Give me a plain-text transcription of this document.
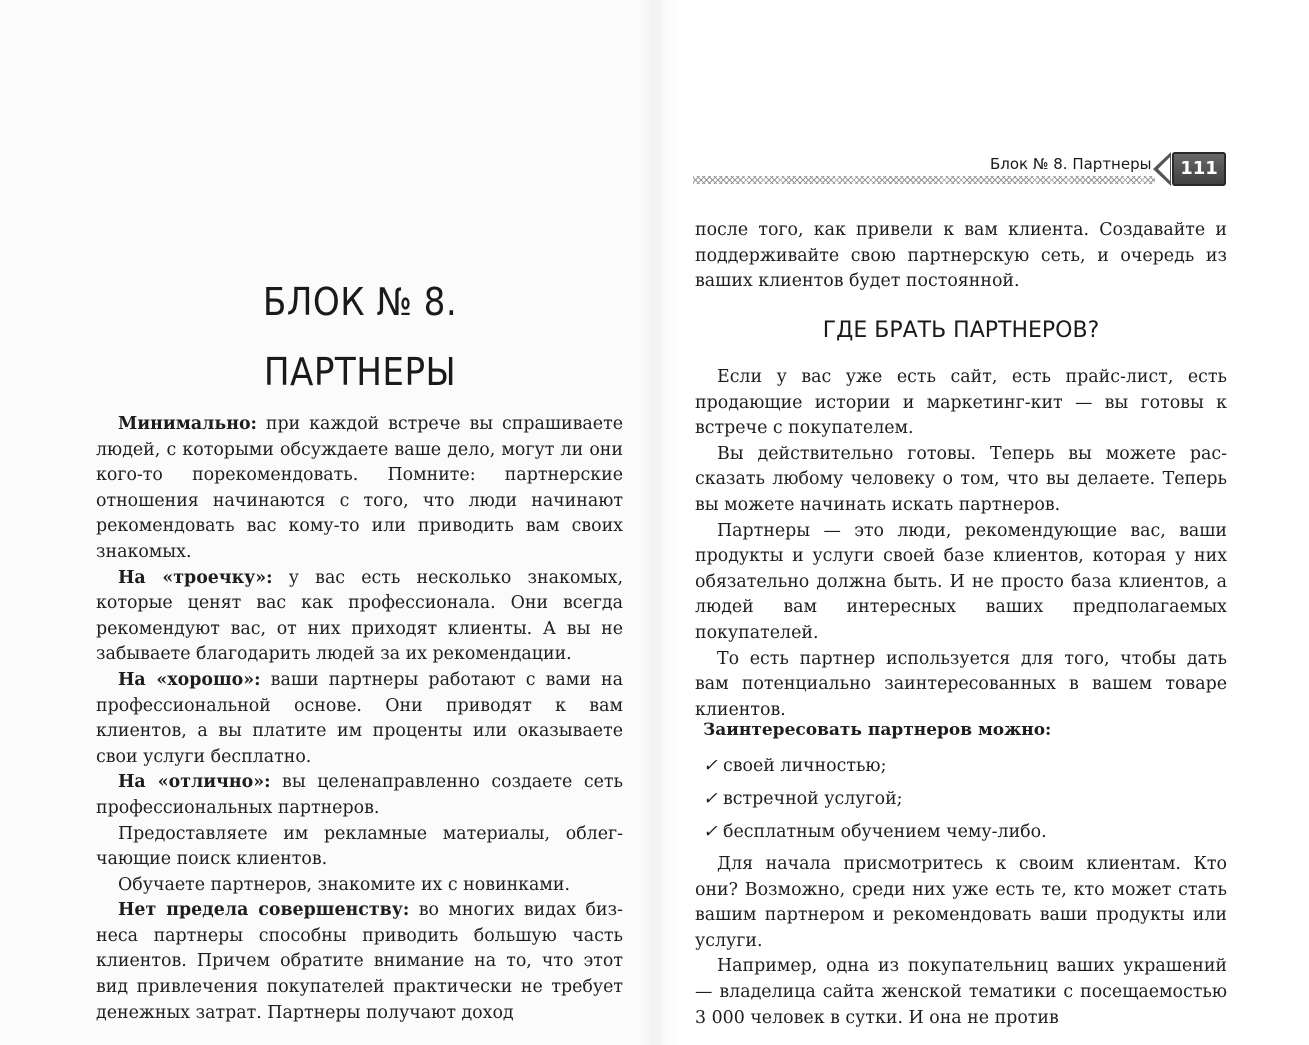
БЛОК № 8.
ПАРТНЕРЫ

Минимально: при каждой встрече вы спрашиваете людей, с которыми обсуждаете ваше дело, могут ли они кого-то порекомендовать. Помните: партнерские отношения начинаются с того, что люди начинают рекомендовать вас кому-то или приводить вам своих знакомых.

На «троечку»: у вас есть несколько знакомых, которые ценят вас как профессионала. Они всегда рекомендуют вас, от них приходят клиенты. А вы не забываете благодарить людей за их рекомендации.

На «хорошо»: ваши партнеры работают с вами на профессиональной основе. Они приводят к вам клиентов, а вы платите им проценты или оказываете свои услуги бесплатно.

На «отлично»: вы целенаправленно создаете сеть профессиональных партнеров.

Предоставляете им рекламные материалы, облегчающие поиск клиентов.

Обучаете партнеров, знакомите их с новинками.

Нет предела совершенству: во многих видах бизнеса партнеры способны приводить большую часть клиентов. Причем обратите внимание на то, что этот вид привлечения покупателей практически не требует денежных затрат. Партнеры получают доход

Блок № 8. Партнеры	111

после того, как привели к вам клиента. Создавайте и поддерживайте свою партнерскую сеть, и очередь из ваших клиентов будет постоянной.

ГДЕ БРАТЬ ПАРТНЕРОВ?

Если у вас уже есть сайт, есть прайс-лист, есть продающие истории и маркетинг-кит — вы готовы к встрече с покупателем.

Вы действительно готовы. Теперь вы можете рассказать любому человеку о том, что вы делаете. Теперь вы можете начинать искать партнеров.

Партнеры — это люди, рекомендующие вас, ваши продукты и услуги своей базе клиентов, которая у них обязательно должна быть. И не просто база клиентов, а людей вам интересных ваших предполагаемых покупателей.

То есть партнер используется для того, чтобы дать вам потенциально заинтересованных в вашем товаре клиентов.

Заинтересовать партнеров можно:
✓ своей личностью;
✓ встречной услугой;
✓ бесплатным обучением чему-либо.

Для начала присмотритесь к своим клиентам. Кто они? Возможно, среди них уже есть те, кто может стать вашим партнером и рекомендовать ваши продукты или услуги.

Например, одна из покупательниц ваших украшений — владелица сайта женской тематики с посещаемостью 3 000 человек в сутки. И она не против
